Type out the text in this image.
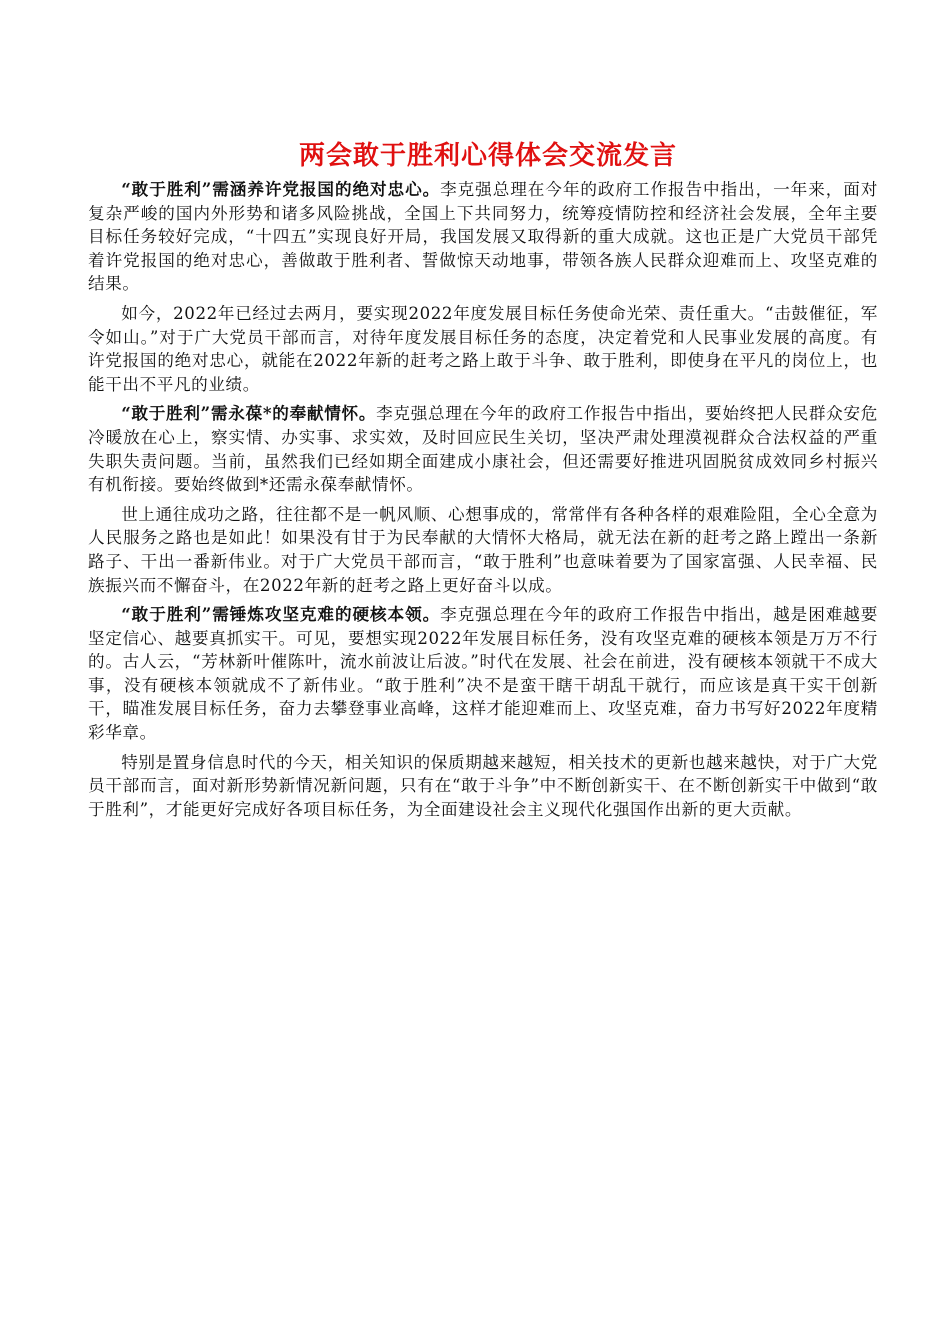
两会敢于胜利心得体会交流发言

“敢于胜利”需涵养许党报国的绝对忠心。李克强总理在今年的政府工作报告中指出，一年来，面对复杂严峻的国内外形势和诸多风险挑战，全国上下共同努力，统筹疫情防控和经济社会发展，全年主要目标任务较好完成，“十四五”实现良好开局，我国发展又取得新的重大成就。这也正是广大党员干部凭着许党报国的绝对忠心，善做敢于胜利者、誓做惊天动地事，带领各族人民群众迎难而上、攻坚克难的结果。

如今，2022年已经过去两月，要实现2022年度发展目标任务使命光荣、责任重大。“击鼓催征，军令如山。”对于广大党员干部而言，对待年度发展目标任务的态度，决定着党和人民事业发展的高度。有许党报国的绝对忠心，就能在2022年新的赶考之路上敢于斗争、敢于胜利，即使身在平凡的岗位上，也能干出不平凡的业绩。

“敢于胜利”需永葆*的奉献情怀。李克强总理在今年的政府工作报告中指出，要始终把人民群众安危冷暖放在心上，察实情、办实事、求实效，及时回应民生关切，坚决严肃处理漠视群众合法权益的严重失职失责问题。当前，虽然我们已经如期全面建成小康社会，但还需要好推进巩固脱贫成效同乡村振兴有机衔接。要始终做到*还需永葆奉献情怀。

世上通往成功之路，往往都不是一帆风顺、心想事成的，常常伴有各种各样的艰难险阻，全心全意为人民服务之路也是如此！如果没有甘于为民奉献的大情怀大格局，就无法在新的赶考之路上蹚出一条新路子、干出一番新伟业。对于广大党员干部而言，“敢于胜利”也意味着要为了国家富强、人民幸福、民族振兴而不懈奋斗，在2022年新的赶考之路上更好奋斗以成。

“敢于胜利”需锤炼攻坚克难的硬核本领。李克强总理在今年的政府工作报告中指出，越是困难越要坚定信心、越要真抓实干。可见，要想实现2022年发展目标任务，没有攻坚克难的硬核本领是万万不行的。古人云，“芳林新叶催陈叶，流水前波让后波。”时代在发展、社会在前进，没有硬核本领就干不成大事，没有硬核本领就成不了新伟业。“敢于胜利”决不是蛮干瞎干胡乱干就行，而应该是真干实干创新干，瞄准发展目标任务，奋力去攀登事业高峰，这样才能迎难而上、攻坚克难，奋力书写好2022年度精彩华章。

特别是置身信息时代的今天，相关知识的保质期越来越短，相关技术的更新也越来越快，对于广大党员干部而言，面对新形势新情况新问题，只有在“敢于斗争”中不断创新实干、在不断创新实干中做到“敢于胜利”，才能更好完成好各项目标任务，为全面建设社会主义现代化强国作出新的更大贡献。
